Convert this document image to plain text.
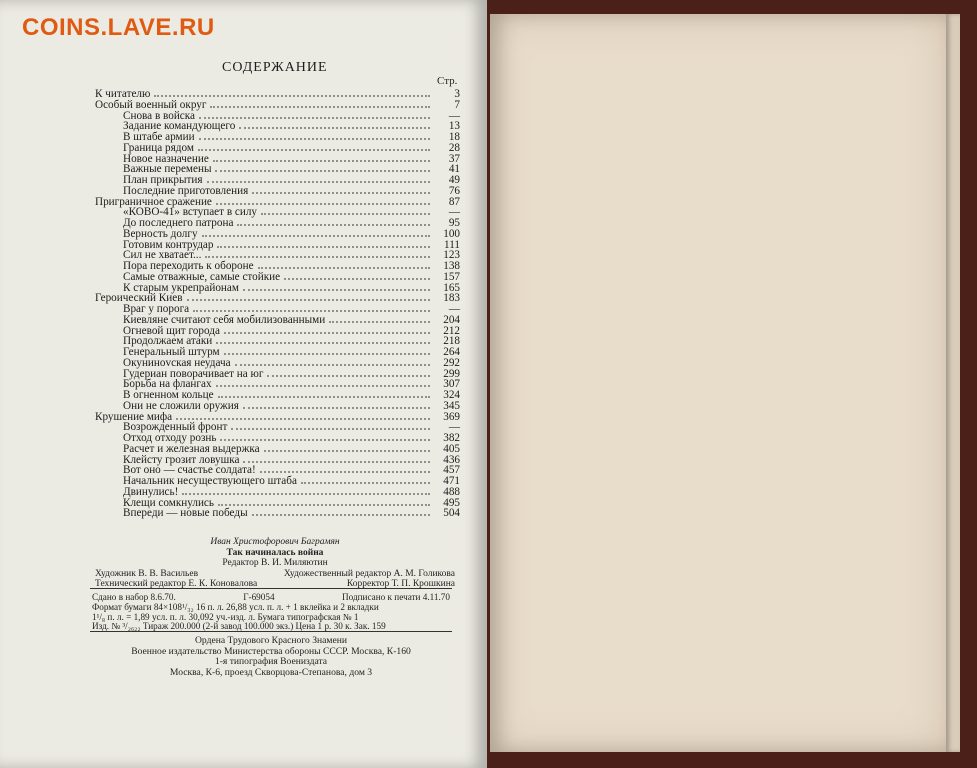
COINS.LAVE.RU
СОДЕРЖАНИЕ
Стр.
К читателю	3
Особый военный округ	7
Снова в войска	—
Задание командующего	13
В штабе армии	18
Граница рядом	28
Новое назначение	37
Важные перемены	41
План прикрытия	49
Последние приготовления	76
Приграничное сражение	87
«КОВО-41» вступает в силу	—
До последнего патрона	95
Верность долгу	100
Готовим контрудар	111
Сил не хватает...	123
Пора переходить к обороне	138
Самые отважные, самые стойкие	157
К старым укрепрайонам	165
Героический Киев	183
Враг у порога	—
Киевляне считают себя мобилизованными	204
Огневой щит города	212
Продолжаем атаки	218
Генеральный штурм	264
Окунинovская неудача	292
Гудериан поворачивает на юг	299
Борьба на флангах	307
В огненном кольце	324
Они не сложили оружия	345
Крушение мифа	369
Возрожденный фронт	—
Отход отходу рознь	382
Расчет и железная выдержка	405
Клейсту грозит ловушка	436
Вот оно — счастье солдата!	457
Начальник несуществующего штаба	471
Двинулись!	488
Клещи сомкнулись	495
Впереди — новые победы	504
Иван Христофорович Баграмян
Так начиналась война
Редактор В. И. Миляютин
Художник В. В. Васильев	Художественный редактор А. М. Голикова
Технический редактор Е. К. Коновалова	Корректор Т. П. Крошкина
Сдано в набор 8.6.70.	Г-69054	Подписано к печати 4.11.70
Формат бумаги 84×108¹/₃₂ 16 п. л. 26,88 усл. п. л. + 1 вклейка и 2 вкладки
1¹/₈ п. л. = 1,89 усл. п. л. 30,092 уч.-изд. л. Бумага типографская № 1
Изд. № ³/₂₆₂₂ Тираж 200.000 (2-й завод 100.000 экз.) Цена 1 р. 30 к. Зак. 159
Ордена Трудового Красного Знамени
Военное издательство Министерства обороны СССР. Москва, К-160
1-я типография Воениздата
Москва, К-6, проезд Скворцова-Степанова, дом 3
